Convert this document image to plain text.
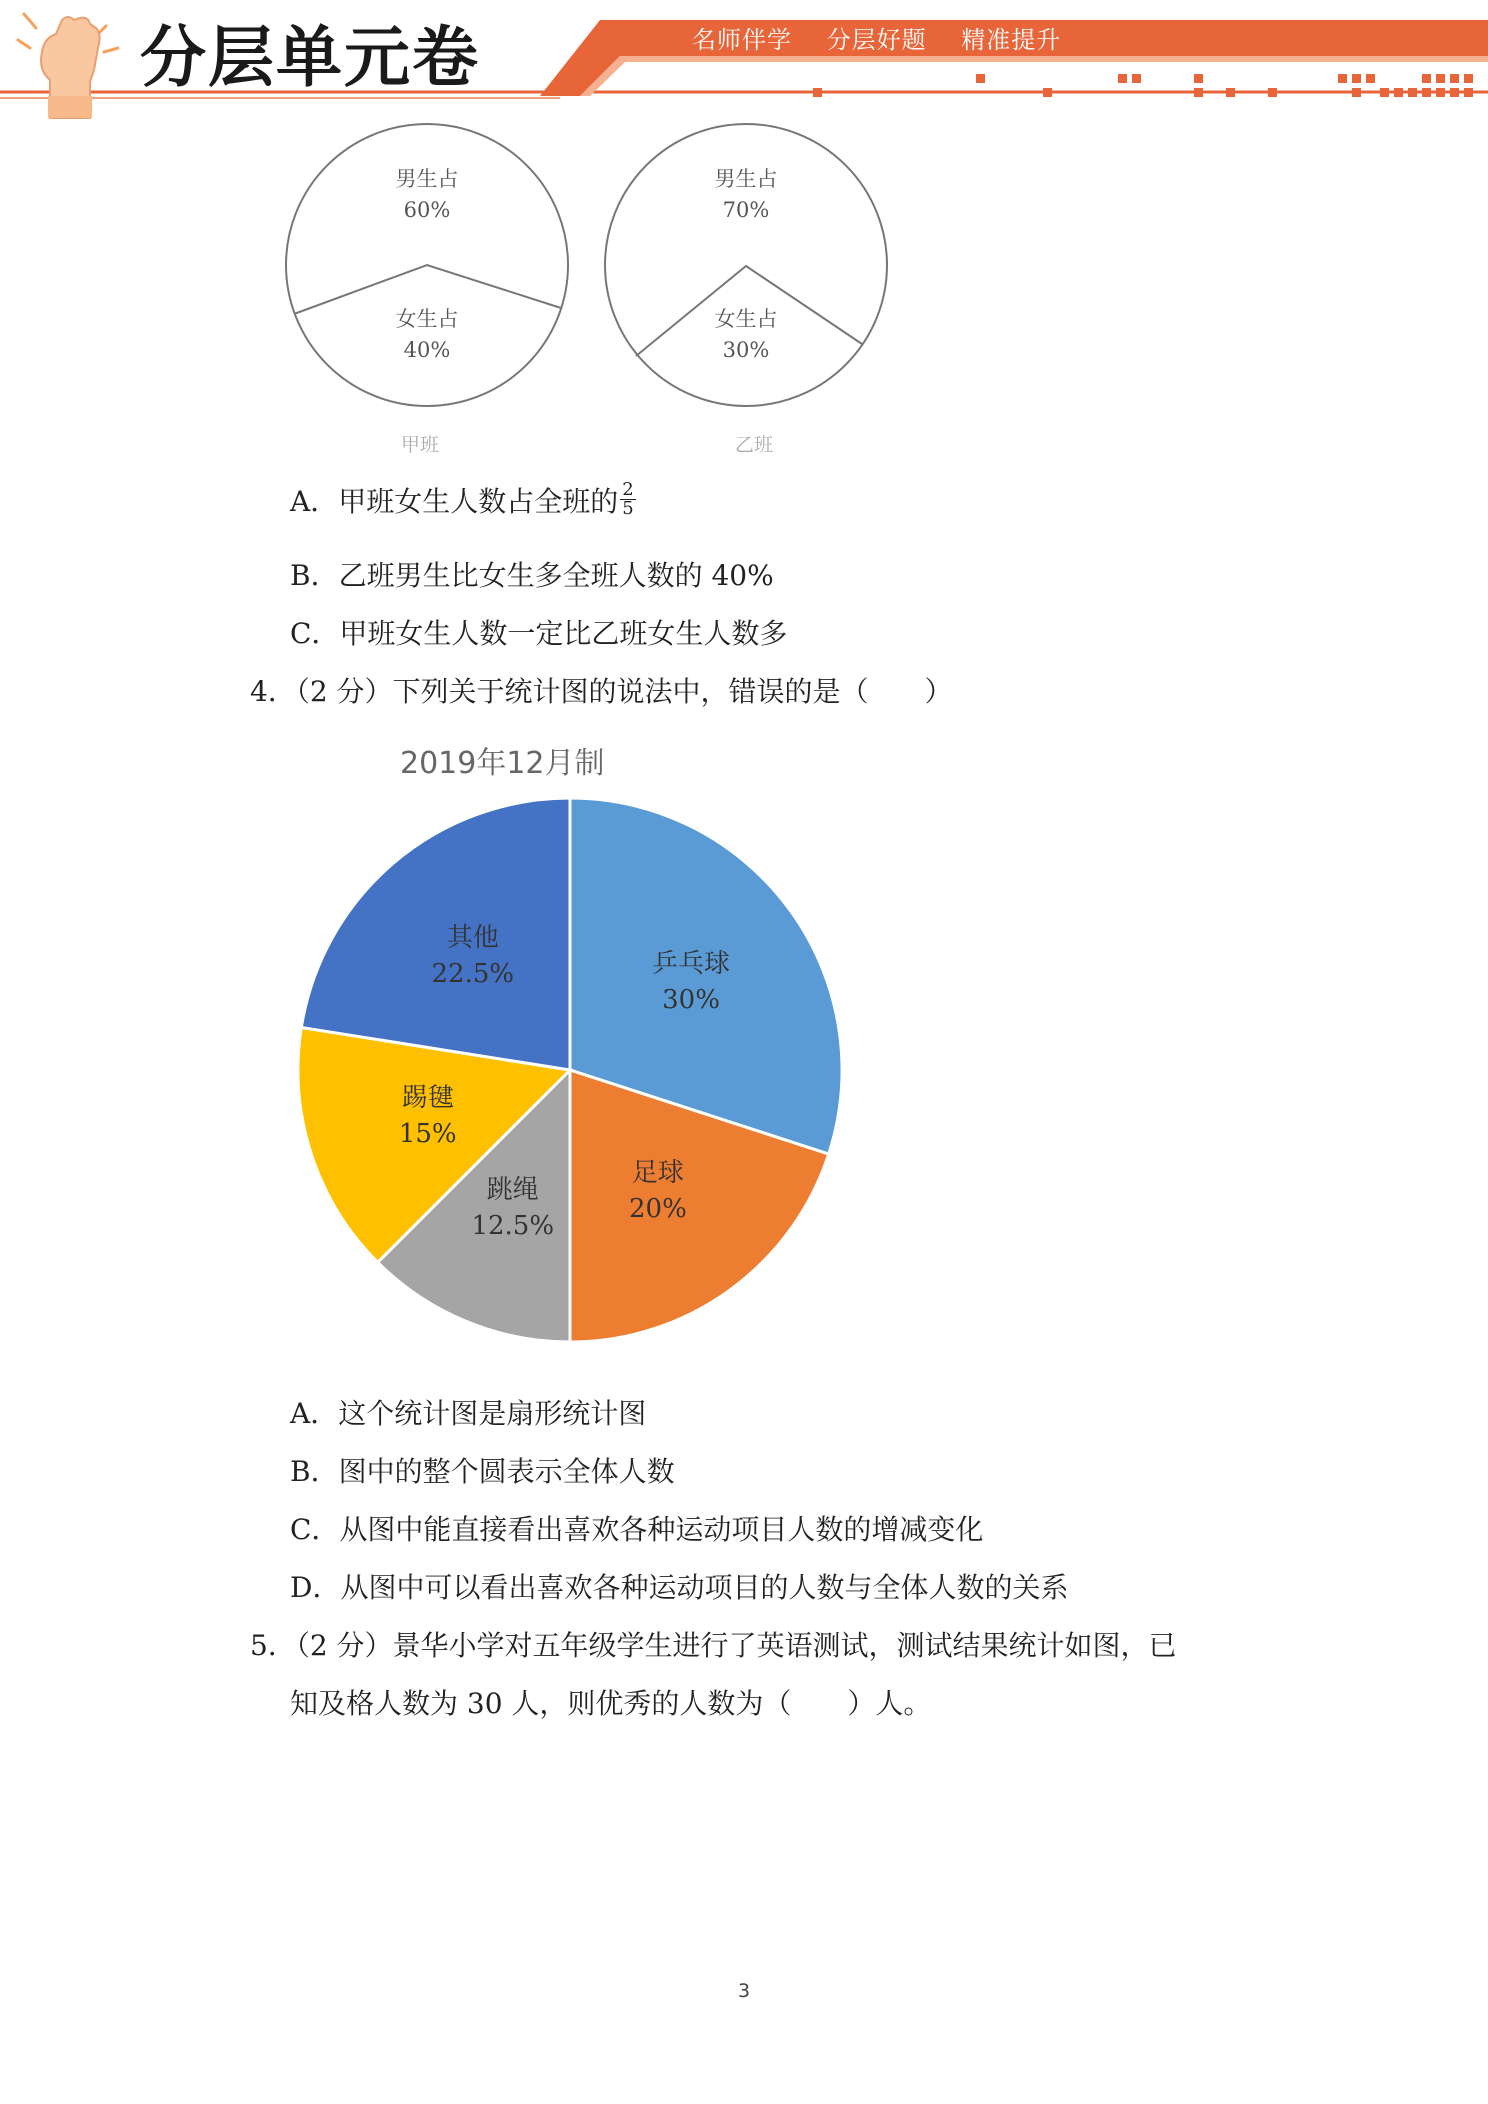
分层单元卷	名师伴学 分层好题 精准提升
男生占
60%
女生占
40%
男生占
70%
女生占
30%
甲班	乙班
A．甲班女生人数占全班的 $\frac{2}{5}$
B．乙班男生比女生多全班人数的 40%
C．甲班女生人数一定比乙班女生人数多
4．（2 分）下列关于统计图的说法中，错误的是（　　）
2019年12月制
乒乓球
30%
足球
20%
跳绳
12.5%
踢毽
15%
其他
22.5%
A．这个统计图是扇形统计图
B．图中的整个圆表示全体人数
C．从图中能直接看出喜欢各种运动项目人数的增减变化
D．从图中可以看出喜欢各种运动项目的人数与全体人数的关系
5．（2 分）景华小学对五年级学生进行了英语测试，测试结果统计如图，已
知及格人数为 30 人，则优秀的人数为（　　）人。
3
